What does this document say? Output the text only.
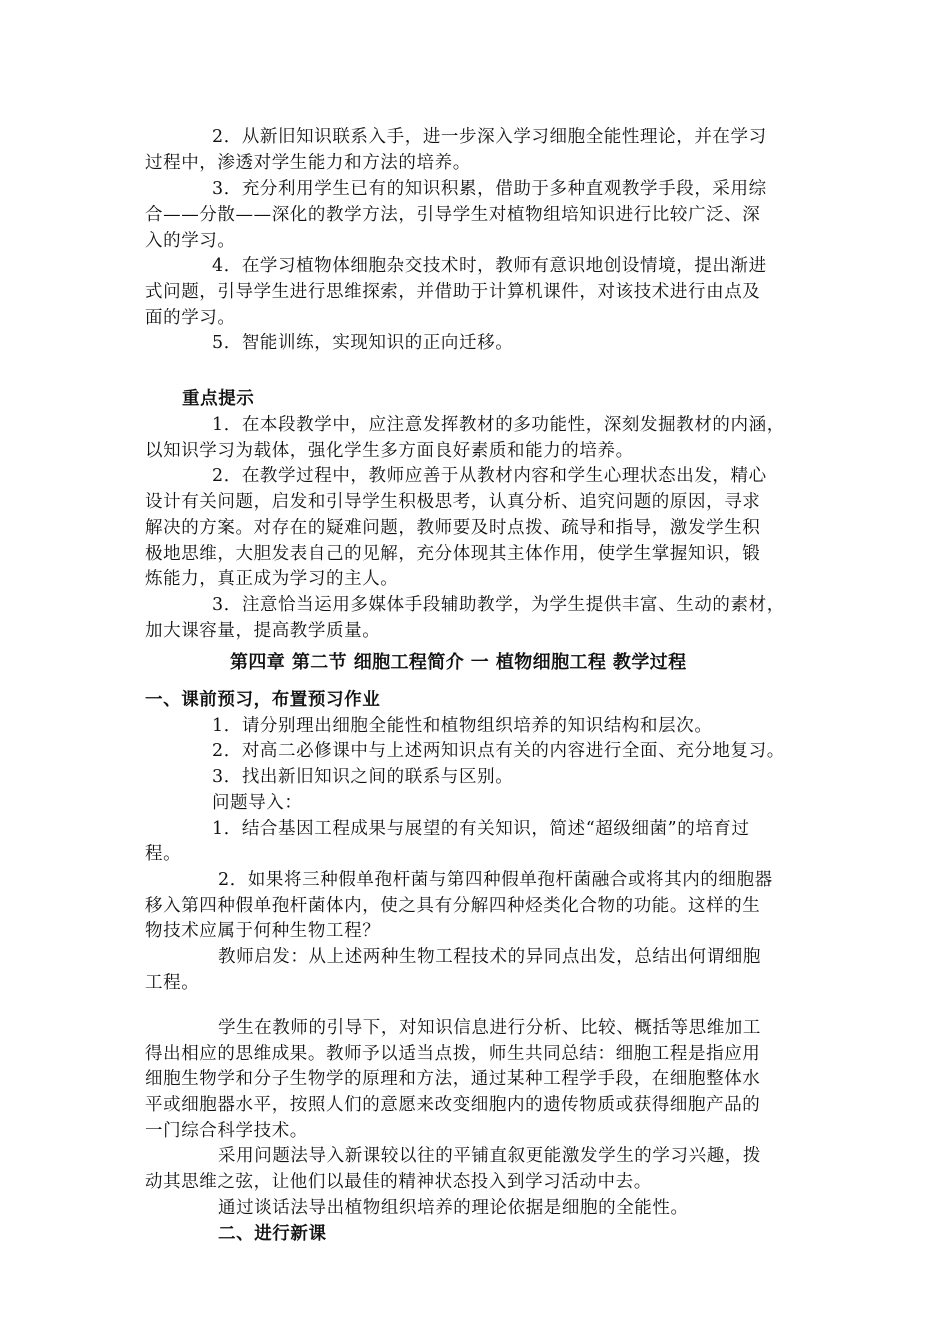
2．从新旧知识联系入手，进一步深入学习细胞全能性理论，并在学习
过程中，渗透对学生能力和方法的培养。
3．充分利用学生已有的知识积累，借助于多种直观教学手段，采用综
合——分散——深化的教学方法，引导学生对植物组培知识进行比较广泛、深
入的学习。
4．在学习植物体细胞杂交技术时，教师有意识地创设情境，提出渐进
式问题，引导学生进行思维探索，并借助于计算机课件，对该技术进行由点及
面的学习。
5．智能训练，实现知识的正向迁移。
重点提示
1．在本段教学中，应注意发挥教材的多功能性，深刻发掘教材的内涵，
以知识学习为载体，强化学生多方面良好素质和能力的培养。
2．在教学过程中，教师应善于从教材内容和学生心理状态出发，精心
设计有关问题，启发和引导学生积极思考，认真分析、追究问题的原因，寻求
解决的方案。对存在的疑难问题，教师要及时点拨、疏导和指导，激发学生积
极地思维，大胆发表自己的见解，充分体现其主体作用，使学生掌握知识，锻
炼能力，真正成为学习的主人。
3．注意恰当运用多媒体手段辅助教学，为学生提供丰富、生动的素材，
加大课容量，提高教学质量。
第四章 第二节 细胞工程简介 一 植物细胞工程 教学过程
一、课前预习，布置预习作业
1．请分别理出细胞全能性和植物组织培养的知识结构和层次。
2．对高二必修课中与上述两知识点有关的内容进行全面、充分地复习。
3．找出新旧知识之间的联系与区别。
问题导入：
1．结合基因工程成果与展望的有关知识，简述“超级细菌”的培育过
程。
2．如果将三种假单孢杆菌与第四种假单孢杆菌融合或将其内的细胞器
移入第四种假单孢杆菌体内，使之具有分解四种烃类化合物的功能。这样的生
物技术应属于何种生物工程？
教师启发：从上述两种生物工程技术的异同点出发，总结出何谓细胞
工程。
学生在教师的引导下，对知识信息进行分析、比较、概括等思维加工
得出相应的思维成果。教师予以适当点拨，师生共同总结：细胞工程是指应用
细胞生物学和分子生物学的原理和方法，通过某种工程学手段，在细胞整体水
平或细胞器水平，按照人们的意愿来改变细胞内的遗传物质或获得细胞产品的
一门综合科学技术。
采用问题法导入新课较以往的平铺直叙更能激发学生的学习兴趣，拨
动其思维之弦，让他们以最佳的精神状态投入到学习活动中去。
通过谈话法导出植物组织培养的理论依据是细胞的全能性。
二、进行新课
